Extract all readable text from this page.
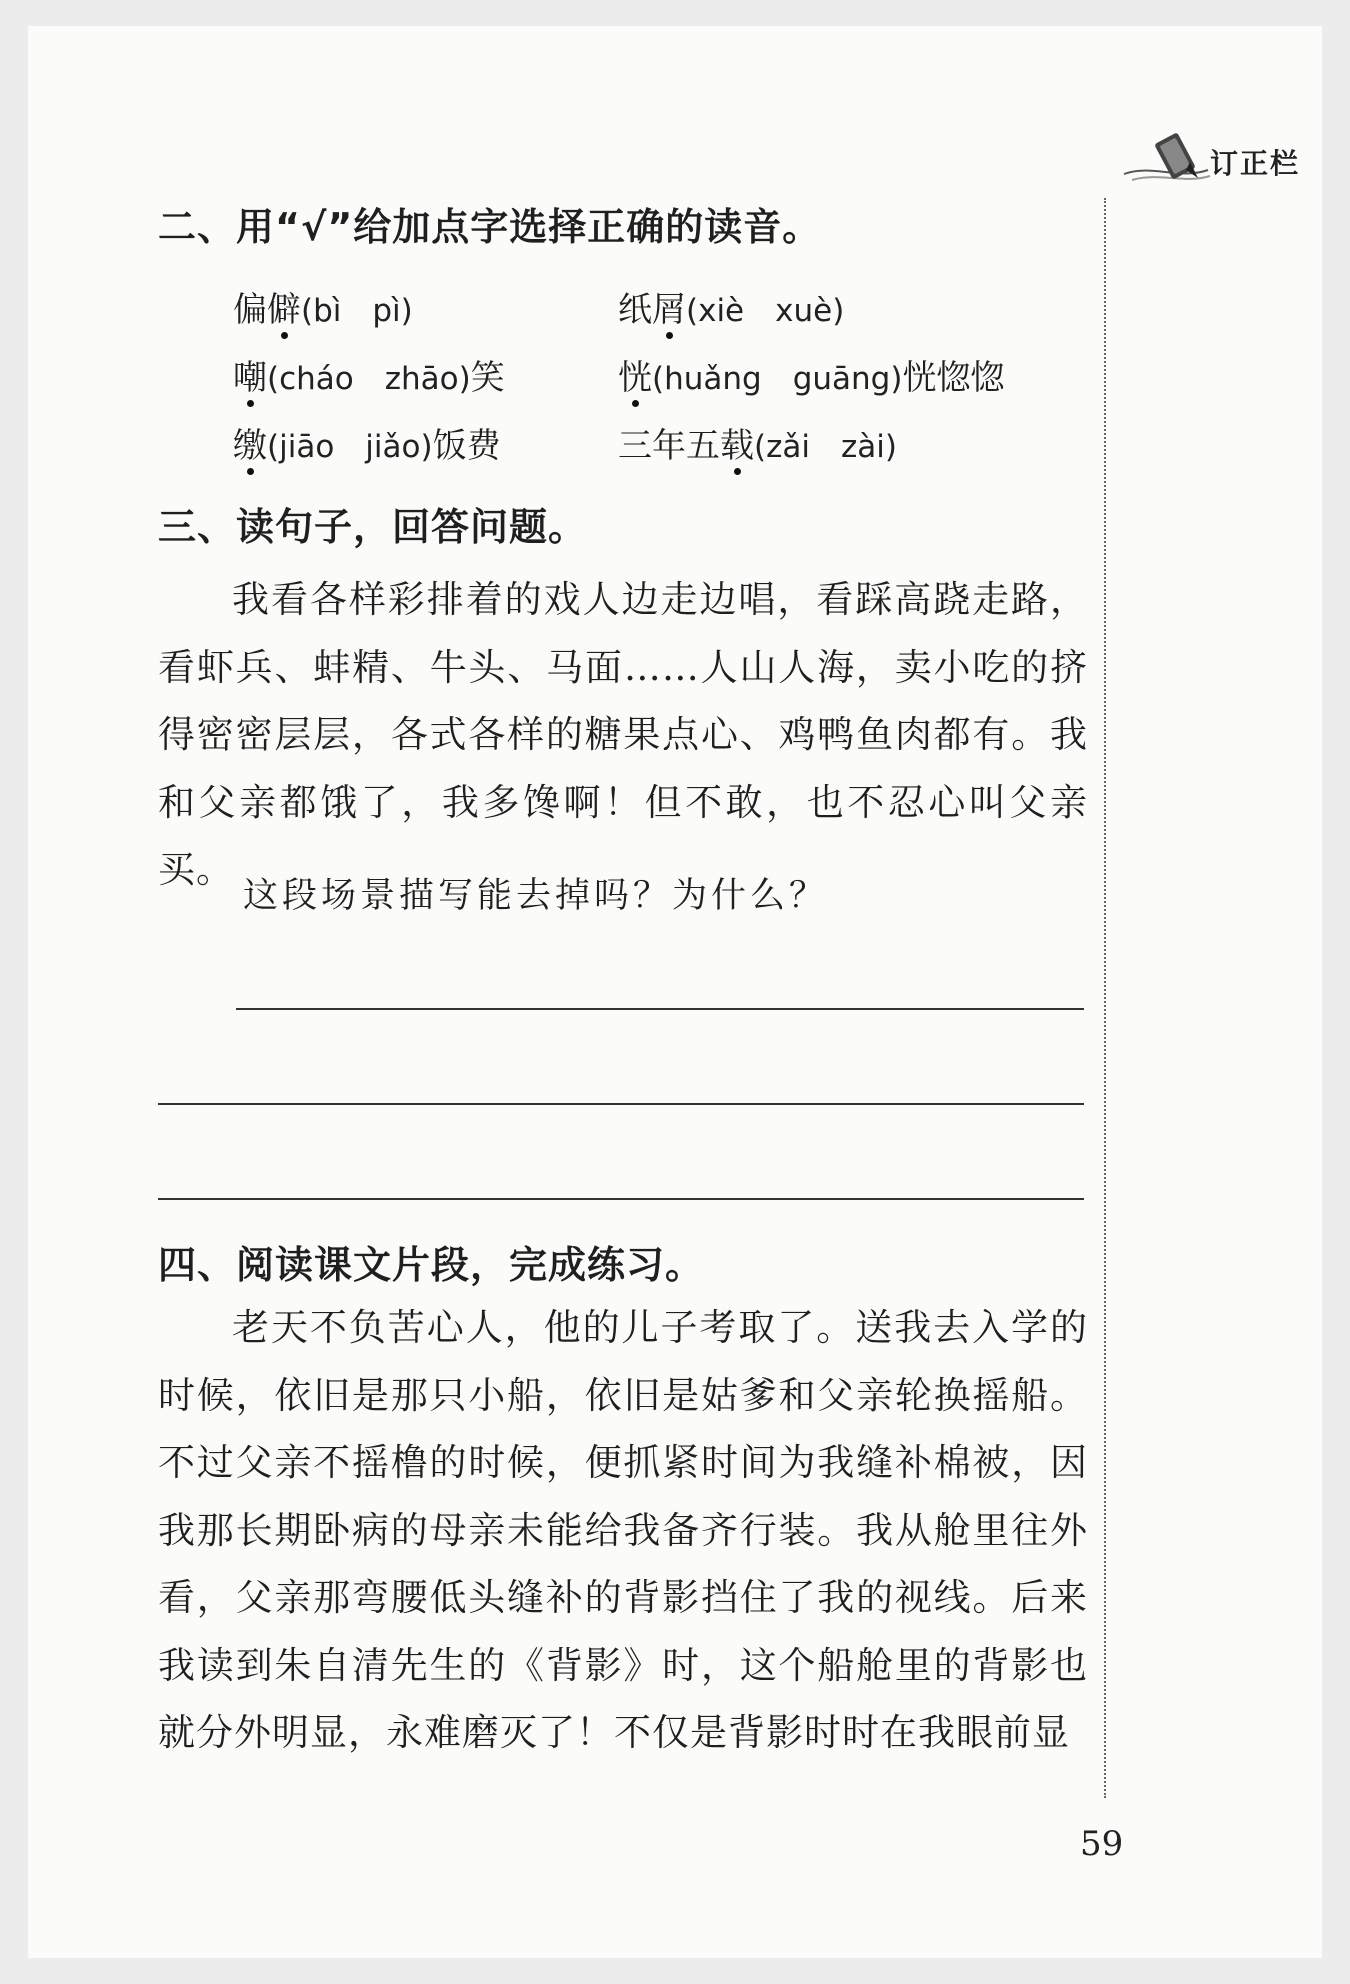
订正栏
二、用“√”给加点字选择正确的读音。
偏僻(bì　pì)	纸屑(xiè　xuè)
嘲(cháo　zhāo)笑	恍(huǎng　guāng)恍惚惚
缴(jiāo　jiǎo)饭费	三年五载(zǎi　zài)
三、读句子，回答问题。

我看各样彩排着的戏人边走边唱，看踩高跷走路，看虾兵、蚌精、牛头、马面……人山人海，卖小吃的挤得密密层层，各式各样的糖果点心、鸡鸭鱼肉都有。我和父亲都饿了，我多馋啊！但不敢，也不忍心叫父亲买。

这段场景描写能去掉吗？为什么？
四、阅读课文片段，完成练习。

老天不负苦心人，他的儿子考取了。送我去入学的时候，依旧是那只小船，依旧是姑爹和父亲轮换摇船。不过父亲不摇橹的时候，便抓紧时间为我缝补棉被，因我那长期卧病的母亲未能给我备齐行装。我从舱里往外看，父亲那弯腰低头缝补的背影挡住了我的视线。后来我读到朱自清先生的《背影》时，这个船舱里的背影也就分外明显，永难磨灭了！不仅是背影时时在我眼前显

59
